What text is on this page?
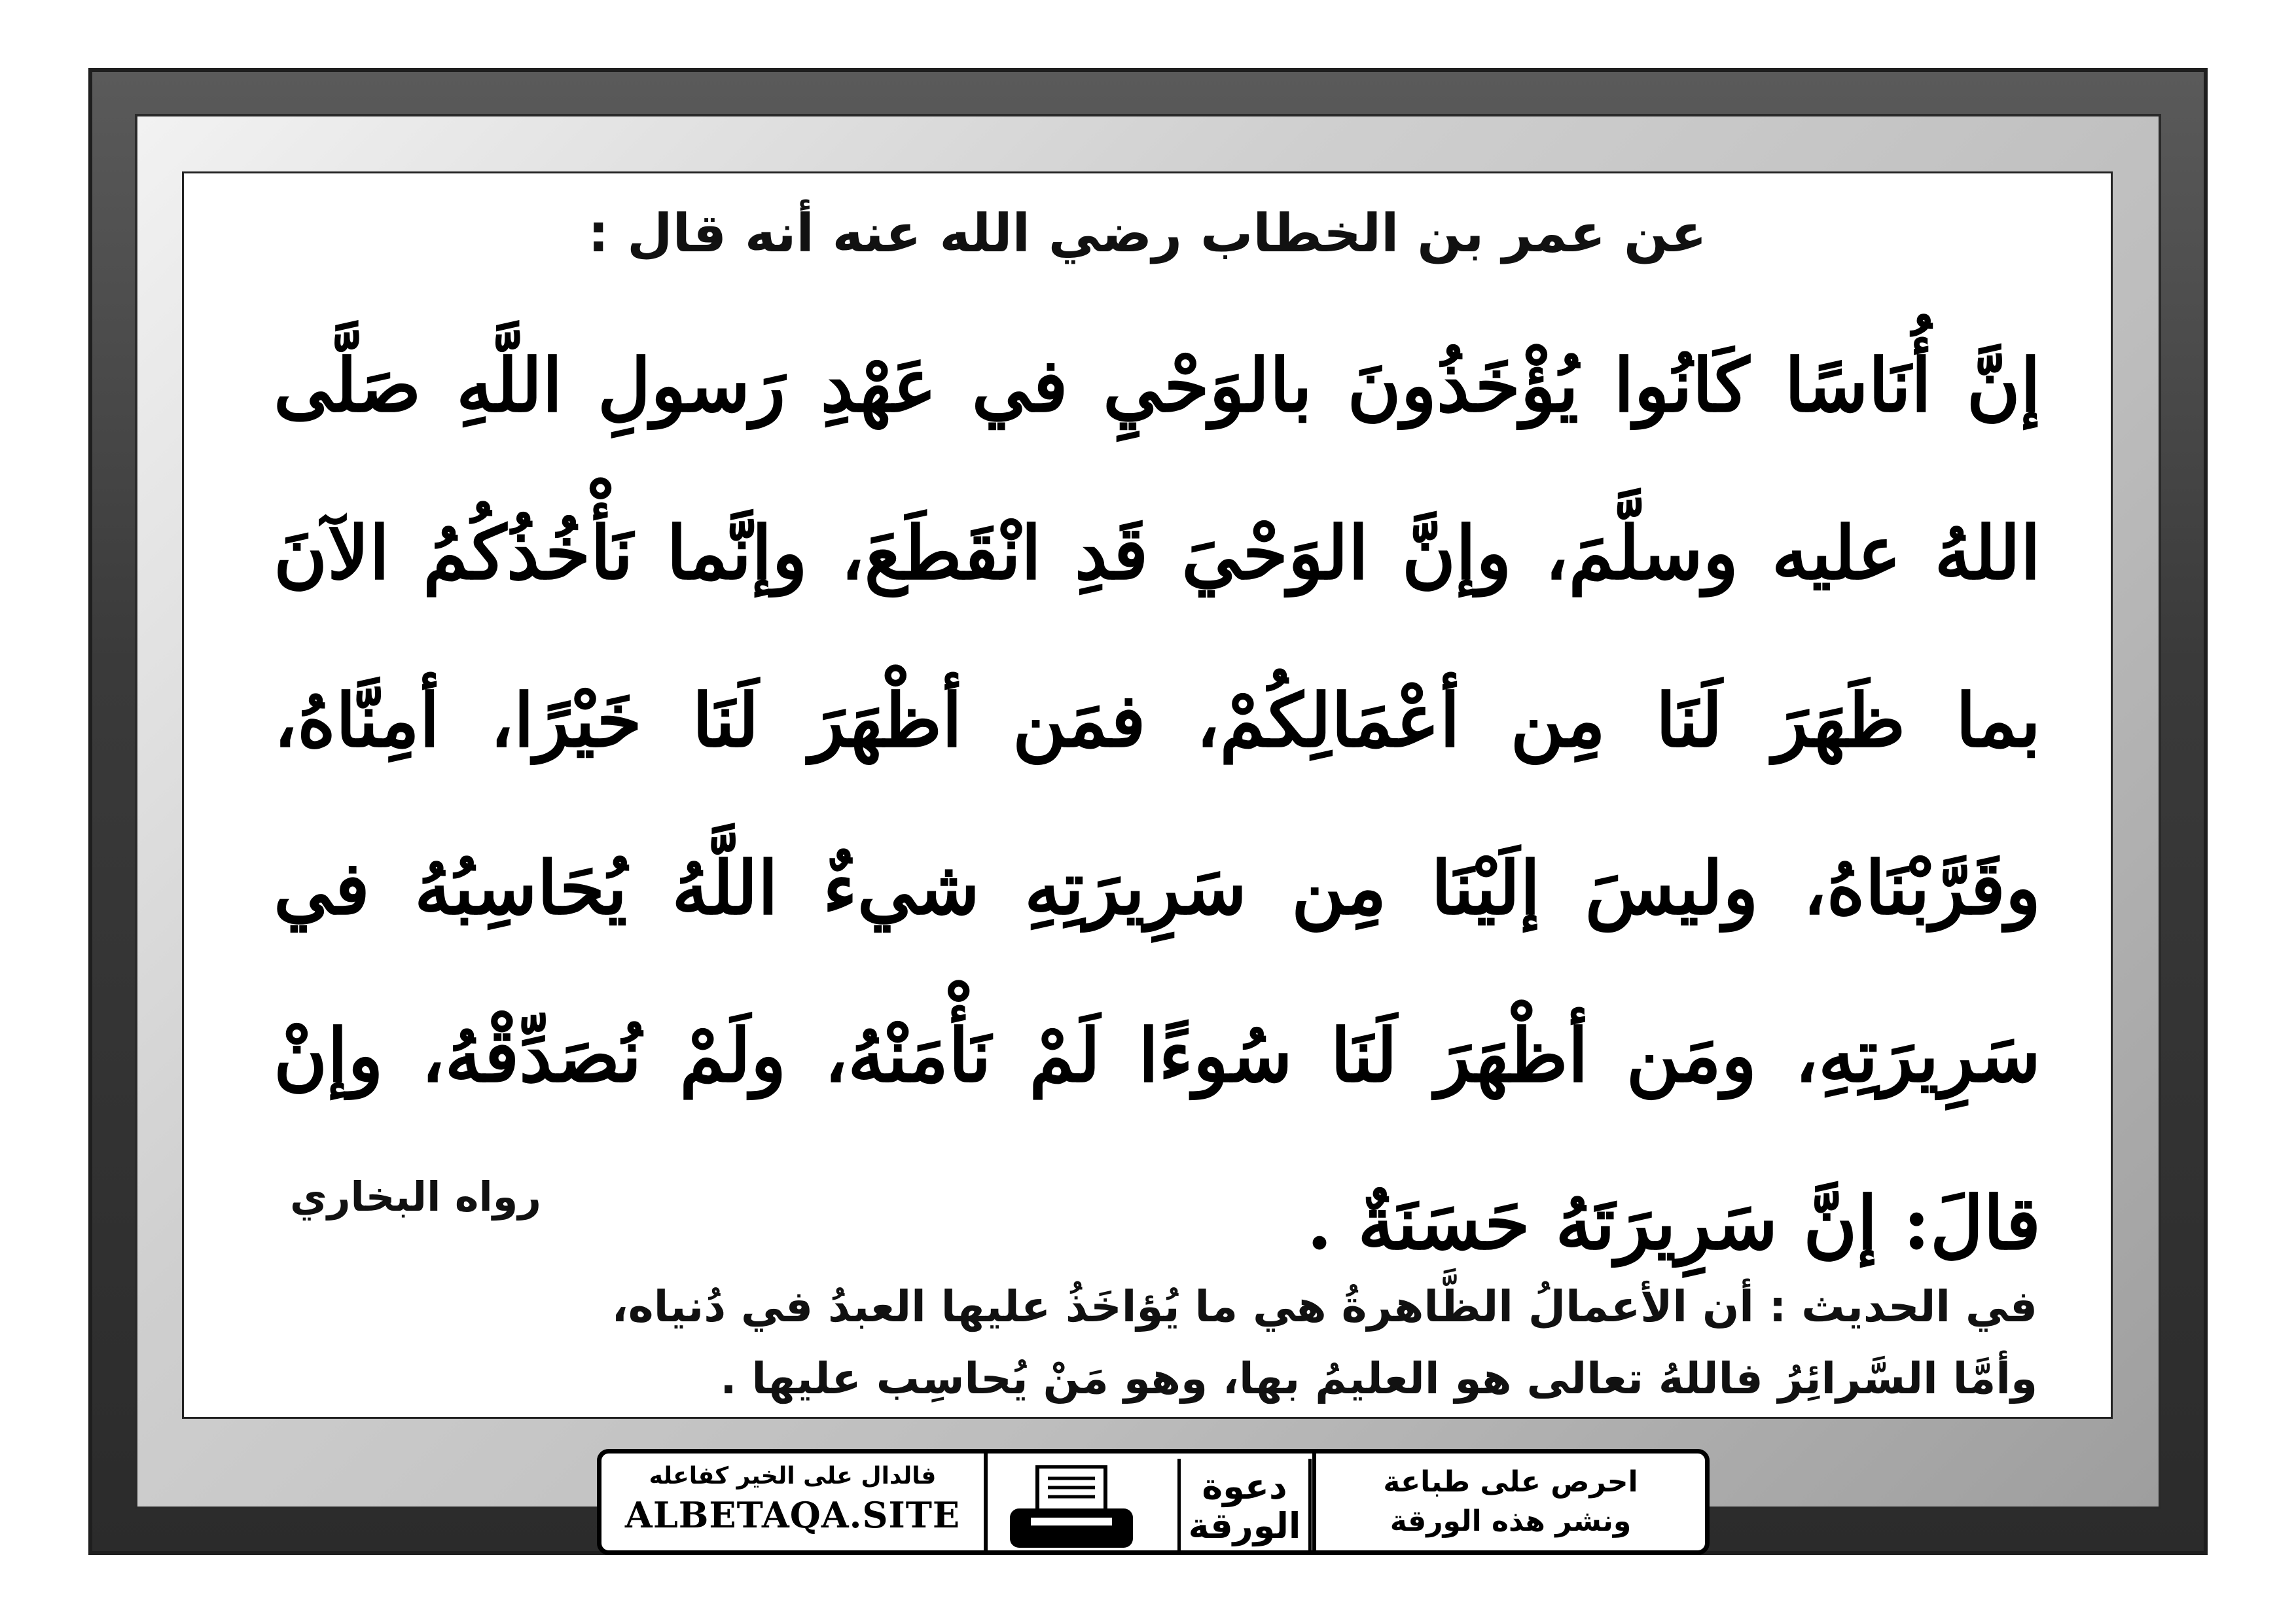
عن عمر بن الخطاب رضي الله عنه أنه قال :
إنَّ أُنَاسًا كَانُوا يُؤْخَذُونَ بالوَحْيِ في عَهْدِ رَسولِ اللَّهِ صَلَّى اللهُ عليه وسلَّمَ، وإنَّ الوَحْيَ قَدِ انْقَطَعَ، وإنَّما نَأْخُذُكُمُ الآنَ بما ظَهَرَ لَنَا مِن أعْمَالِكُمْ، فمَن أظْهَرَ لَنَا خَيْرًا، أمِنَّاهُ، وقَرَّبْنَاهُ، وليسَ إلَيْنَا مِن سَرِيرَتِهِ شيءٌ اللَّهُ يُحَاسِبُهُ في سَرِيرَتِهِ، ومَن أظْهَرَ لَنَا سُوءًا لَمْ نَأْمَنْهُ، ولَمْ نُصَدِّقْهُ، وإنْ قالَ: إنَّ سَرِيرَتَهُ حَسَنَةٌ .
رواه البخاري
في الحديث : أن الأعمالُ الظَّاهرةُ هي ما يُؤاخَذُ عليها العبدُ في دُنياه،
وأمَّا السَّرائِرُ فاللهُ تعالى هو العليمُ بها، وهو مَنْ يُحاسِب عليها .
فالدال على الخير كفاعله
ALBETAQA.SITE
دعوة
الورقة
احرص على طباعة
ونشر هذه الورقة
